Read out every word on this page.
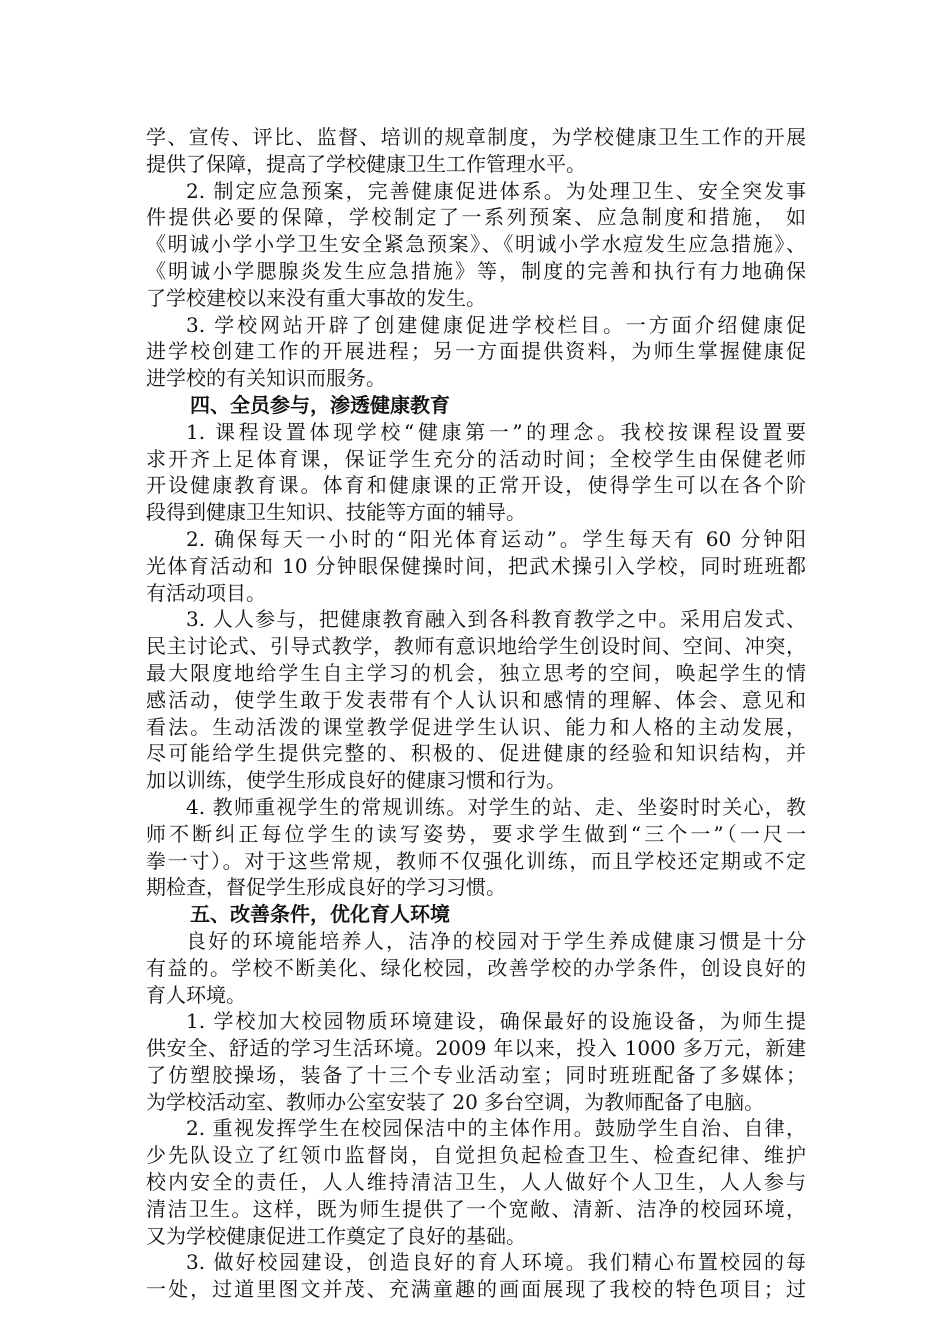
学、宣传、评比、监督、培训的规章制度，为学校健康卫生工作的开展
提供了保障，提高了学校健康卫生工作管理水平。
2. 制定应急预案，完善健康促进体系。为处理卫生、安全突发事
件提供必要的保障，学校制定了一系列预案、应急制度和措施， 如
《明诚小学小学卫生安全紧急预案》、《明诚小学水痘发生应急措施》、
《明诚小学腮腺炎发生应急措施》等，制度的完善和执行有力地确保
了学校建校以来没有重大事故的发生。
3. 学校网站开辟了创建健康促进学校栏目。一方面介绍健康促
进学校创建工作的开展进程；另一方面提供资料，为师生掌握健康促
进学校的有关知识而服务。
四、全员参与，渗透健康教育
1. 课程设置体现学校“健康第一”的理念。我校按课程设置要
求开齐上足体育课，保证学生充分的活动时间；全校学生由保健老师
开设健康教育课。体育和健康课的正常开设，使得学生可以在各个阶
段得到健康卫生知识、技能等方面的辅导。
2. 确保每天一小时的“阳光体育运动”。学生每天有 60 分钟阳
光体育活动和 10 分钟眼保健操时间，把武术操引入学校，同时班班都
有活动项目。
3. 人人参与，把健康教育融入到各科教育教学之中。采用启发式、
民主讨论式、引导式教学，教师有意识地给学生创设时间、空间、冲突，
最大限度地给学生自主学习的机会，独立思考的空间，唤起学生的情
感活动，使学生敢于发表带有个人认识和感情的理解、体会、意见和
看法。生动活泼的课堂教学促进学生认识、能力和人格的主动发展，
尽可能给学生提供完整的、积极的、促进健康的经验和知识结构，并
加以训练，使学生形成良好的健康习惯和行为。
4. 教师重视学生的常规训练。对学生的站、走、坐姿时时关心，教
师不断纠正每位学生的读写姿势，要求学生做到“三个一”（一尺一
拳一寸）。对于这些常规，教师不仅强化训练，而且学校还定期或不定
期检查，督促学生形成良好的学习习惯。
五、改善条件，优化育人环境
良好的环境能培养人，洁净的校园对于学生养成健康习惯是十分
有益的。学校不断美化、绿化校园，改善学校的办学条件，创设良好的
育人环境。
1. 学校加大校园物质环境建设，确保最好的设施设备，为师生提
供安全、舒适的学习生活环境。2009 年以来，投入 1000 多万元，新建
了仿塑胶操场，装备了十三个专业活动室；同时班班配备了多媒体；
为学校活动室、教师办公室安装了 20 多台空调，为教师配备了电脑。
2. 重视发挥学生在校园保洁中的主体作用。鼓励学生自治、自律，
少先队设立了红领巾监督岗，自觉担负起检查卫生、检查纪律、维护
校内安全的责任，人人维持清洁卫生，人人做好个人卫生，人人参与
清洁卫生。这样，既为师生提供了一个宽敞、清新、洁净的校园环境，
又为学校健康促进工作奠定了良好的基础。
3. 做好校园建设，创造良好的育人环境。我们精心布置校园的每
一处，过道里图文并茂、充满童趣的画面展现了我校的特色项目；过
